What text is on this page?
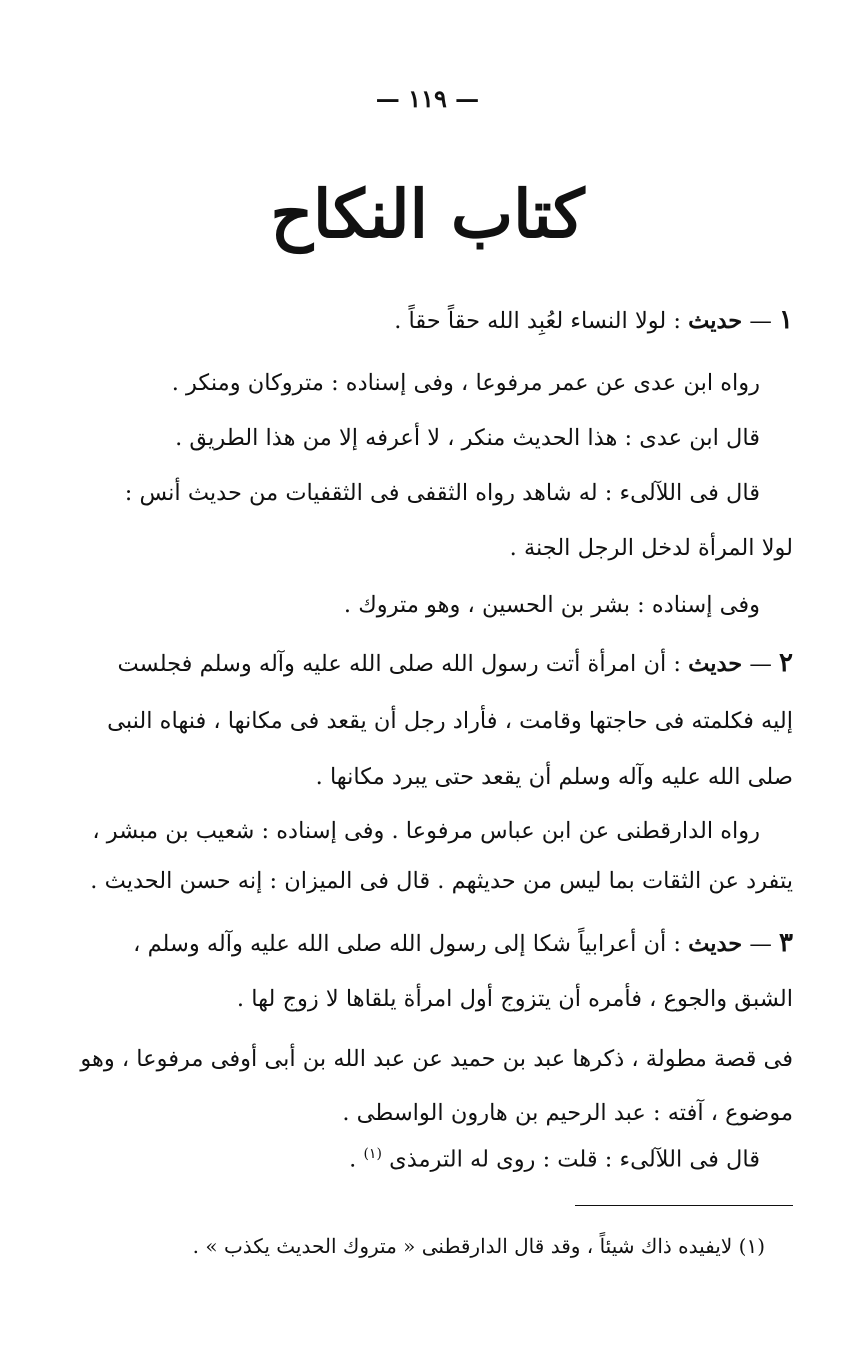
— ١١٩ —
كتاب النكاح
١ — حديث : لولا النساء لعُبِد الله حقاً حقاً .
رواه ابن عدى عن عمر مرفوعا ، وفى إسناده : متروكان ومنكر .
قال ابن عدى : هذا الحديث منكر ، لا أعرفه إلا من هذا الطريق .
قال فى اللآلىء : له شاهد رواه الثقفى فى الثقفيات من حديث أنس :
لولا المرأة لدخل الرجل الجنة .
وفى إسناده : بشر بن الحسين ، وهو متروك .
٢ — حديث : أن امرأة أتت رسول الله صلى الله عليه وآله وسلم فجلست
إليه فكلمته فى حاجتها وقامت ، فأراد رجل أن يقعد فى مكانها ، فنهاه النبى
صلى الله عليه وآله وسلم أن يقعد حتى يبرد مكانها .
رواه الدارقطنى عن ابن عباس مرفوعا . وفى إسناده : شعيب بن مبشر ،
يتفرد عن الثقات بما ليس من حديثهم . قال فى الميزان : إنه حسن الحديث .
٣ — حديث : أن أعرابياً شكا إلى رسول الله صلى الله عليه وآله وسلم ،
الشبق والجوع ، فأمره أن يتزوج أول امرأة يلقاها لا زوج لها .
فى قصة مطولة ، ذكرها عبد بن حميد عن عبد الله بن أبى أوفى مرفوعا ، وهو
موضوع ، آفته : عبد الرحيم بن هارون الواسطى .
قال فى اللآلىء : قلت : روى له الترمذى $^{(١)}$ .
(١) لايفيده ذاك شيئاً ، وقد قال الدارقطنى « متروك الحديث يكذب » .
